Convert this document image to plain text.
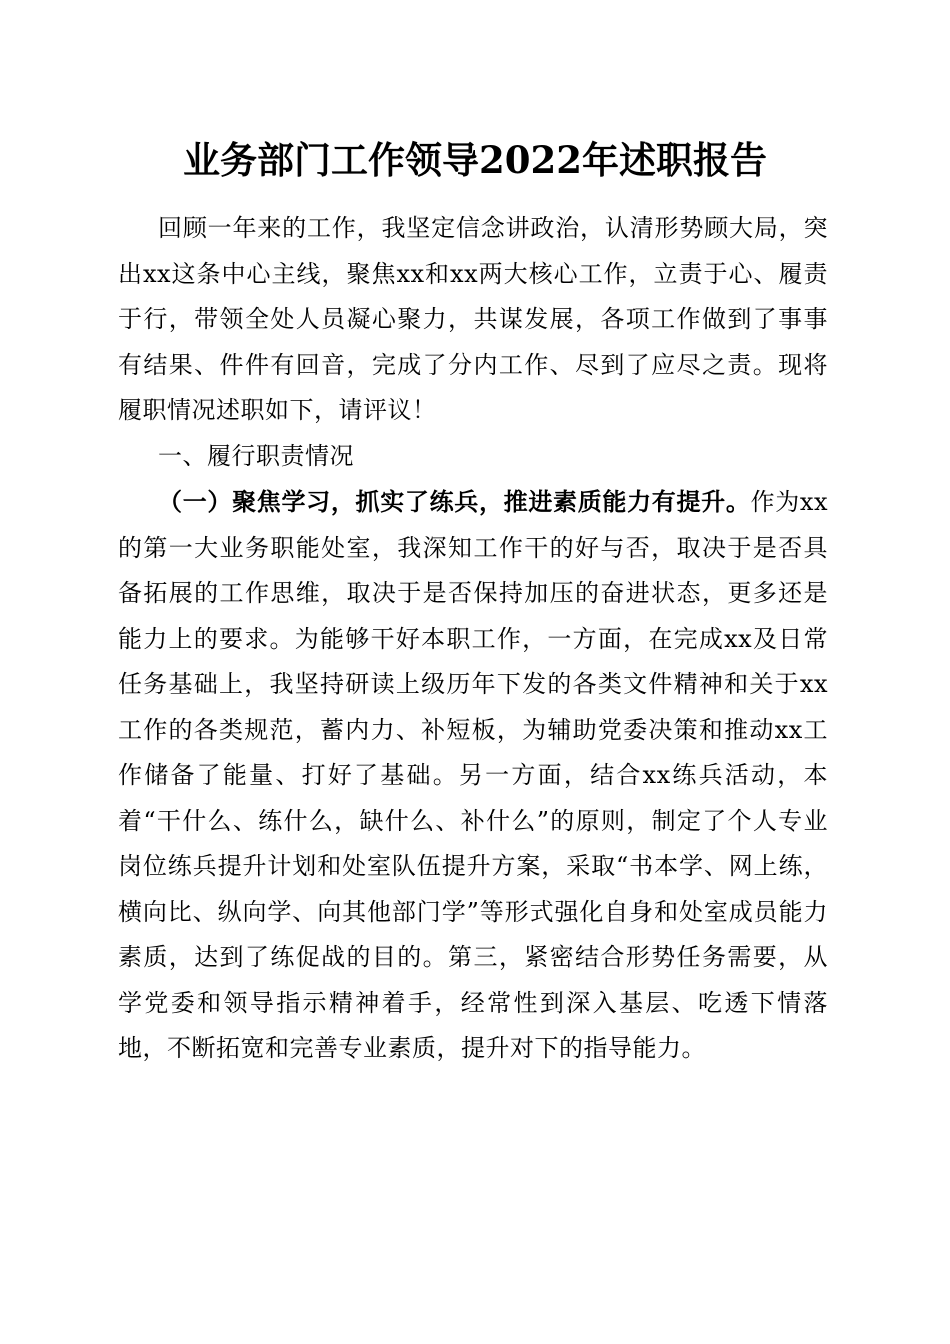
业务部门工作领导2022年述职报告

回顾一年来的工作，我坚定信念讲政治，认清形势顾大局，突出xx这条中心主线，聚焦xx和xx两大核心工作，立责于心、履责于行，带领全处人员凝心聚力，共谋发展，各项工作做到了事事有结果、件件有回音，完成了分内工作、尽到了应尽之责。现将履职情况述职如下，请评议！

一、履行职责情况

（一）聚焦学习，抓实了练兵，推进素质能力有提升。作为xx的第一大业务职能处室，我深知工作干的好与否，取决于是否具备拓展的工作思维，取决于是否保持加压的奋进状态，更多还是能力上的要求。为能够干好本职工作，一方面，在完成xx及日常任务基础上，我坚持研读上级历年下发的各类文件精神和关于xx工作的各类规范，蓄内力、补短板，为辅助党委决策和推动xx工作储备了能量、打好了基础。另一方面，结合xx练兵活动，本着“干什么、练什么，缺什么、补什么”的原则，制定了个人专业岗位练兵提升计划和处室队伍提升方案，采取“书本学、网上练，横向比、纵向学、向其他部门学”等形式强化自身和处室成员能力素质，达到了练促战的目的。第三，紧密结合形势任务需要，从学党委和领导指示精神着手，经常性到深入基层、吃透下情落地，不断拓宽和完善专业素质，提升对下的指导能力。
